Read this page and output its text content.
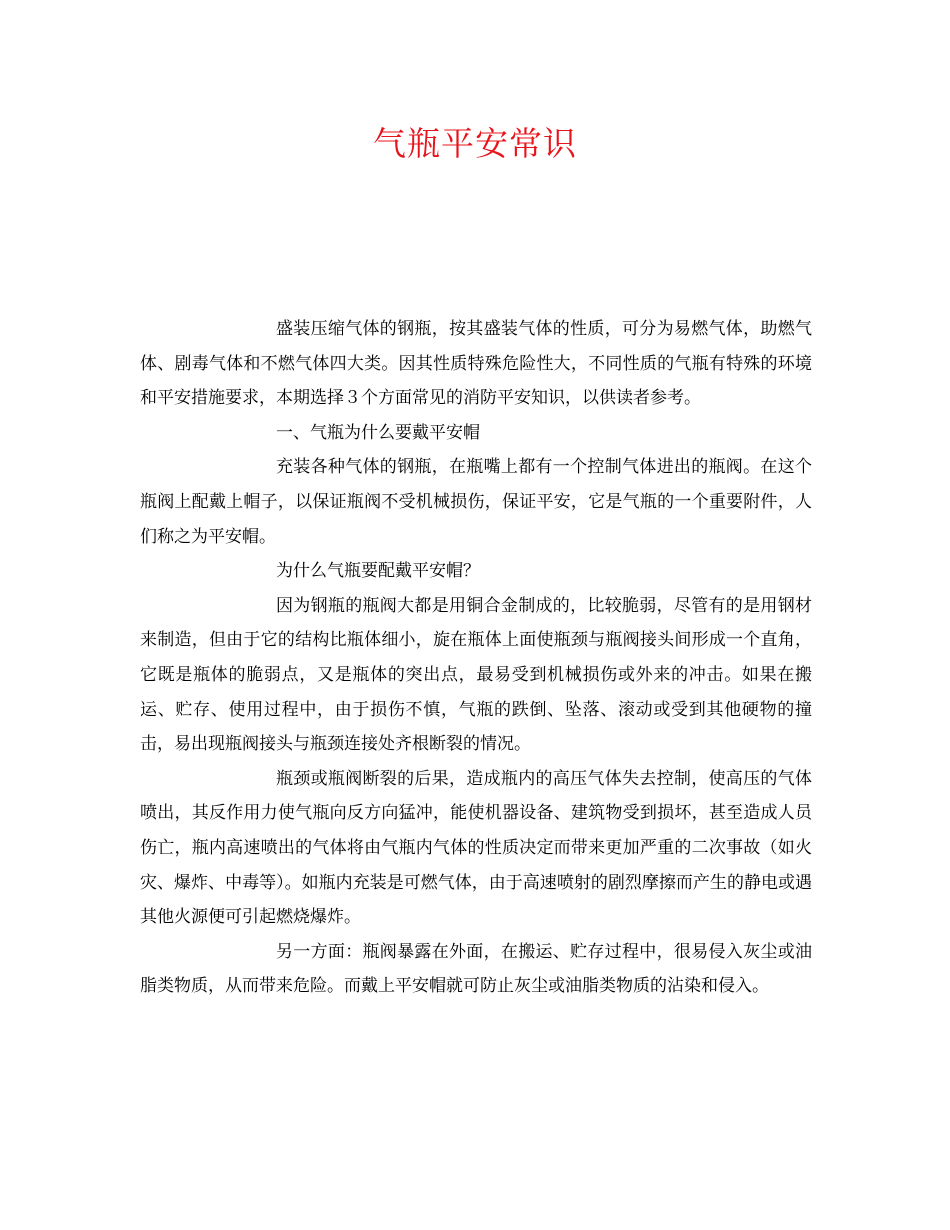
气瓶平安常识

盛装压缩气体的钢瓶，按其盛装气体的性质，可分为易燃气体，助燃气体、剧毒气体和不燃气体四大类。因其性质特殊危险性大，不同性质的气瓶有特殊的环境和平安措施要求，本期选择３个方面常见的消防平安知识，以供读者参考。

一、气瓶为什么要戴平安帽

充装各种气体的钢瓶，在瓶嘴上都有一个控制气体进出的瓶阀。在这个瓶阀上配戴上帽子，以保证瓶阀不受机械损伤，保证平安，它是气瓶的一个重要附件，人们称之为平安帽。

为什么气瓶要配戴平安帽？

因为钢瓶的瓶阀大都是用铜合金制成的，比较脆弱，尽管有的是用钢材来制造，但由于它的结构比瓶体细小，旋在瓶体上面使瓶颈与瓶阀接头间形成一个直角，它既是瓶体的脆弱点，又是瓶体的突出点，最易受到机械损伤或外来的冲击。如果在搬运、贮存、使用过程中，由于损伤不慎，气瓶的跌倒、坠落、滚动或受到其他硬物的撞击，易出现瓶阀接头与瓶颈连接处齐根断裂的情况。

瓶颈或瓶阀断裂的后果，造成瓶内的高压气体失去控制，使高压的气体喷出，其反作用力使气瓶向反方向猛冲，能使机器设备、建筑物受到损坏，甚至造成人员伤亡，瓶内高速喷出的气体将由气瓶内气体的性质决定而带来更加严重的二次事故（如火灾、爆炸、中毒等）。如瓶内充装是可燃气体，由于高速喷射的剧烈摩擦而产生的静电或遇其他火源便可引起燃烧爆炸。

另一方面：瓶阀暴露在外面，在搬运、贮存过程中，很易侵入灰尘或油脂类物质，从而带来危险。而戴上平安帽就可防止灰尘或油脂类物质的沾染和侵入。
